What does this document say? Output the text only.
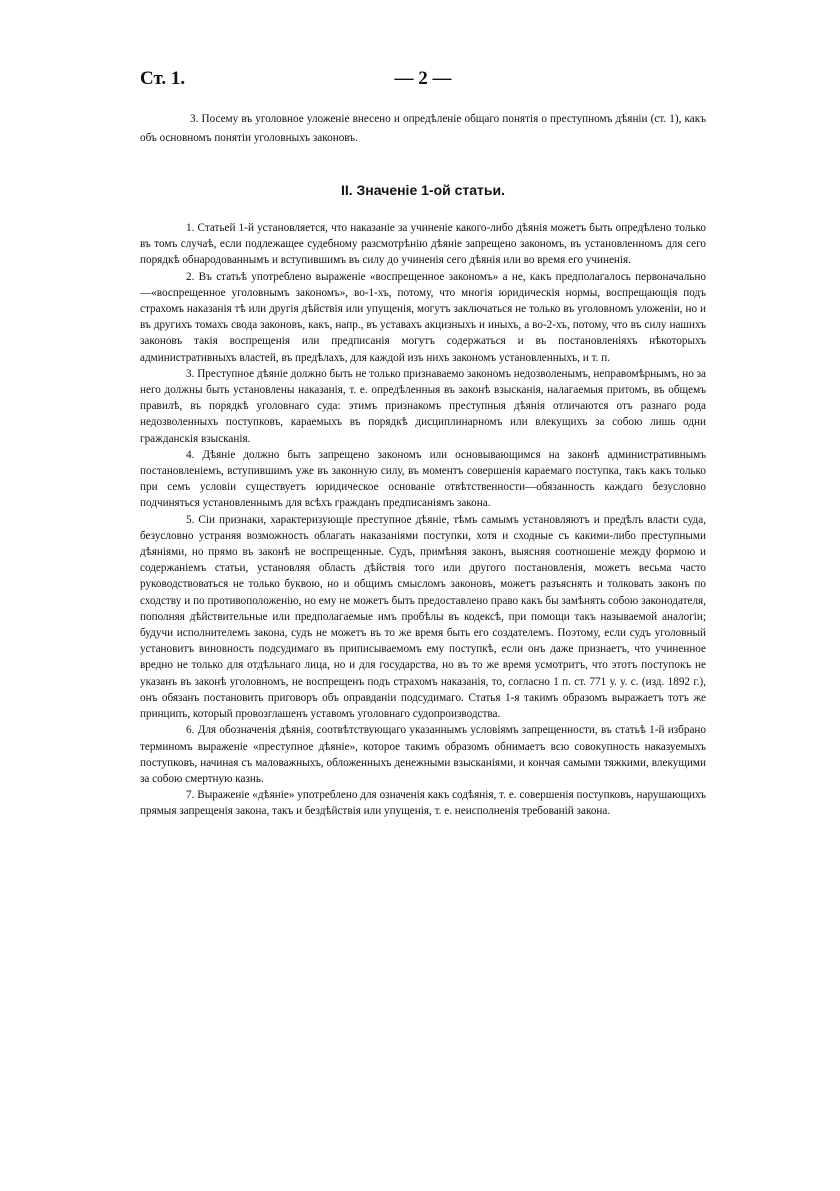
Ст. 1.	— 2 —

3. Посему въ уголовное уложеніе внесено и опредѣленіе общаго понятія о преступномъ дѣяніи (ст. 1), какъ объ основномъ понятіи уголовныхъ законовъ.

II. Значеніе 1-ой статьи.

1. Статьей 1-й установляется, что наказаніе за учиненіе какого-либо дѣянія можетъ быть опредѣлено только въ томъ случаѣ, если подлежащее судебному разсмотрѣнію дѣяніе запрещено закономъ, въ установленномъ для сего порядкѣ обнародованнымъ и вступившимъ въ силу до учиненія сего дѣянія или во время его учиненія.

2. Въ статьѣ употреблено выраженіе «воспрещенное закономъ» а не, какъ предполагалось первоначально—«воспрещенное уголовнымъ закономъ», во-1-хъ, потому, что многія юридическія нормы, воспрещающія подъ страхомъ наказанія тѣ или другія дѣйствія или упущенія, могутъ заключаться не только въ уголовномъ уложеніи, но и въ другихъ томахъ свода законовъ, какъ, напр., въ уставахъ акцизныхъ и иныхъ, а во-2-хъ, потому, что въ силу нашихъ законовъ такія воспрещенія или предписанія могутъ содержаться и въ постановленіяхъ нѣкоторыхъ административныхъ властей, въ предѣлахъ, для каждой изъ нихъ закономъ установленныхъ, и т. п.

3. Преступное дѣяніе должно быть не только признаваемо закономъ недозволенымъ, неправомѣрнымъ, но за него должны быть установлены наказанія, т. е. опредѣленныя въ законѣ взысканія, налагаемыя притомъ, въ общемъ правилѣ, въ порядкѣ уголовнаго суда: этимъ признакомъ преступныя дѣянія отличаются отъ разнаго рода недозволенныхъ поступковъ, караемыхъ въ порядкѣ дисциплинарномъ или влекущихъ за собою лишь одни гражданскія взысканія.

4. Дѣяніе должно быть запрещено закономъ или основывающимся на законѣ административнымъ постановленіемъ, вступившимъ уже въ законную силу, въ моментъ совершенія караемаго поступка, такъ какъ только при семъ условіи существуетъ юридическое основаніе отвѣтственности—обязанность каждаго безусловно подчиняться установленнымъ для всѣхъ гражданъ предписаніямъ закона.

5. Сіи признаки, характеризующіе преступное дѣяніе, тѣмъ самымъ установляютъ и предѣлъ власти суда, безусловно устраняя возможность облагать наказаніями поступки, хотя и сходные съ какими-либо преступными дѣяніями, но прямо въ законѣ не воспрещенные. Судъ, примѣняя законъ, выясняя соотношеніе между формою и содержаніемъ статьи, установляя область дѣйствія того или другого постановленія, можетъ весьма часто руководствоваться не только буквою, но и общимъ смысломъ законовъ, можетъ разъяснять и толковать законъ по сходству и по противоположенію, но ему не можетъ быть предоставлено право какъ бы замѣнять собою законодателя, пополняя дѣйствительные или предполагаемые имъ пробѣлы въ кодексѣ, при помощи такъ называемой аналогіи; будучи исполнителемъ закона, судъ не можетъ въ то же время быть его создателемъ. Поэтому, если судъ уголовный установитъ виновность подсудимаго въ приписываемомъ ему поступкѣ, если онъ даже признаетъ, что учиненное вредно не только для отдѣльнаго лица, но и для государства, но въ то же время усмотритъ, что этотъ поступокъ не указанъ въ законѣ уголовномъ, не воспрещенъ подъ страхомъ наказанія, то, согласно 1 п. ст. 771 у. у. с. (изд. 1892 г.), онъ обязанъ постановить приговоръ объ оправданіи подсудимаго. Статья 1-я такимъ образомъ выражаетъ тотъ же принципъ, который провозглашенъ уставомъ уголовнаго судопроизводства.

6. Для обозначенія дѣянія, соотвѣтствующаго указаннымъ условіямъ запрещенности, въ статьѣ 1-й избрано терминомъ выраженіе «преступное дѣяніе», которое такимъ образомъ обнимаетъ всю совокупность наказуемыхъ поступковъ, начиная съ маловажныхъ, обложенныхъ денежными взысканіями, и кончая самыми тяжкими, влекущими за собою смертную казнь.

7. Выраженіе «дѣяніе» употреблено для означенія какъ содѣянія, т. е. совершенія поступковъ, нарушающихъ прямыя запрещенія закона, такъ и бездѣйствія или упущенія, т. е. неисполненія требованій закона.
